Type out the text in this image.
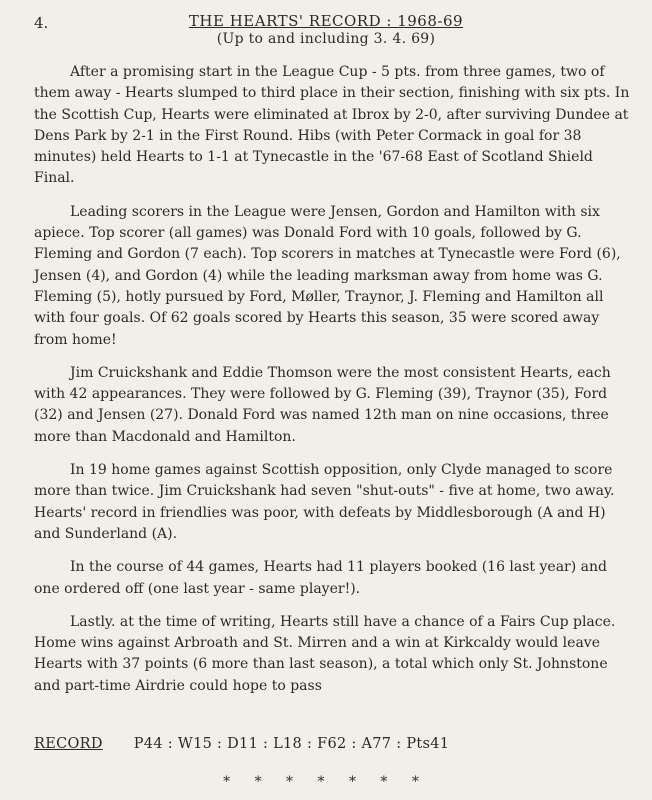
4.	THE HEARTS' RECORD : 1968-69
(Up to and including 3. 4. 69)

After a promising start in the League Cup - 5 pts. from three games, two of them away - Hearts slumped to third place in their section, finishing with six pts. In the Scottish Cup, Hearts were eliminated at Ibrox by 2-0, after surviving Dundee at Dens Park by 2-1 in the First Round. Hibs (with Peter Cormack in goal for 38 minutes) held Hearts to 1-1 at Tynecastle in the '67-68 East of Scotland Shield Final.

Leading scorers in the League were Jensen, Gordon and Hamilton with six apiece. Top scorer (all games) was Donald Ford with 10 goals, followed by G. Fleming and Gordon (7 each). Top scorers in matches at Tynecastle were Ford (6), Jensen (4), and Gordon (4) while the leading marksman away from home was G. Fleming (5), hotly pursued by Ford, Møller, Traynor, J. Fleming and Hamilton all with four goals. Of 62 goals scored by Hearts this season, 35 were scored away from home!

Jim Cruickshank and Eddie Thomson were the most consistent Hearts, each with 42 appearances. They were followed by G. Fleming (39), Traynor (35), Ford (32) and Jensen (27). Donald Ford was named 12th man on nine occasions, three more than Macdonald and Hamilton.

In 19 home games against Scottish opposition, only Clyde managed to score more than twice. Jim Cruickshank had seven "shut-outs" - five at home, two away. Hearts' record in friendlies was poor, with defeats by Middlesborough (A and H) and Sunderland (A).

In the course of 44 games, Hearts had 11 players booked (16 last year) and one ordered off (one last year - same player!).

Lastly. at the time of writing, Hearts still have a chance of a Fairs Cup place. Home wins against Arbroath and St. Mirren and a win at Kirkcaldy would leave Hearts with 37 points (6 more than last season), a total which only St. Johnstone and part-time Airdrie could hope to pass

RECORD P44 : W15 : D11 : L18 : F62 : A77 : Pts41
* * * * * * *
